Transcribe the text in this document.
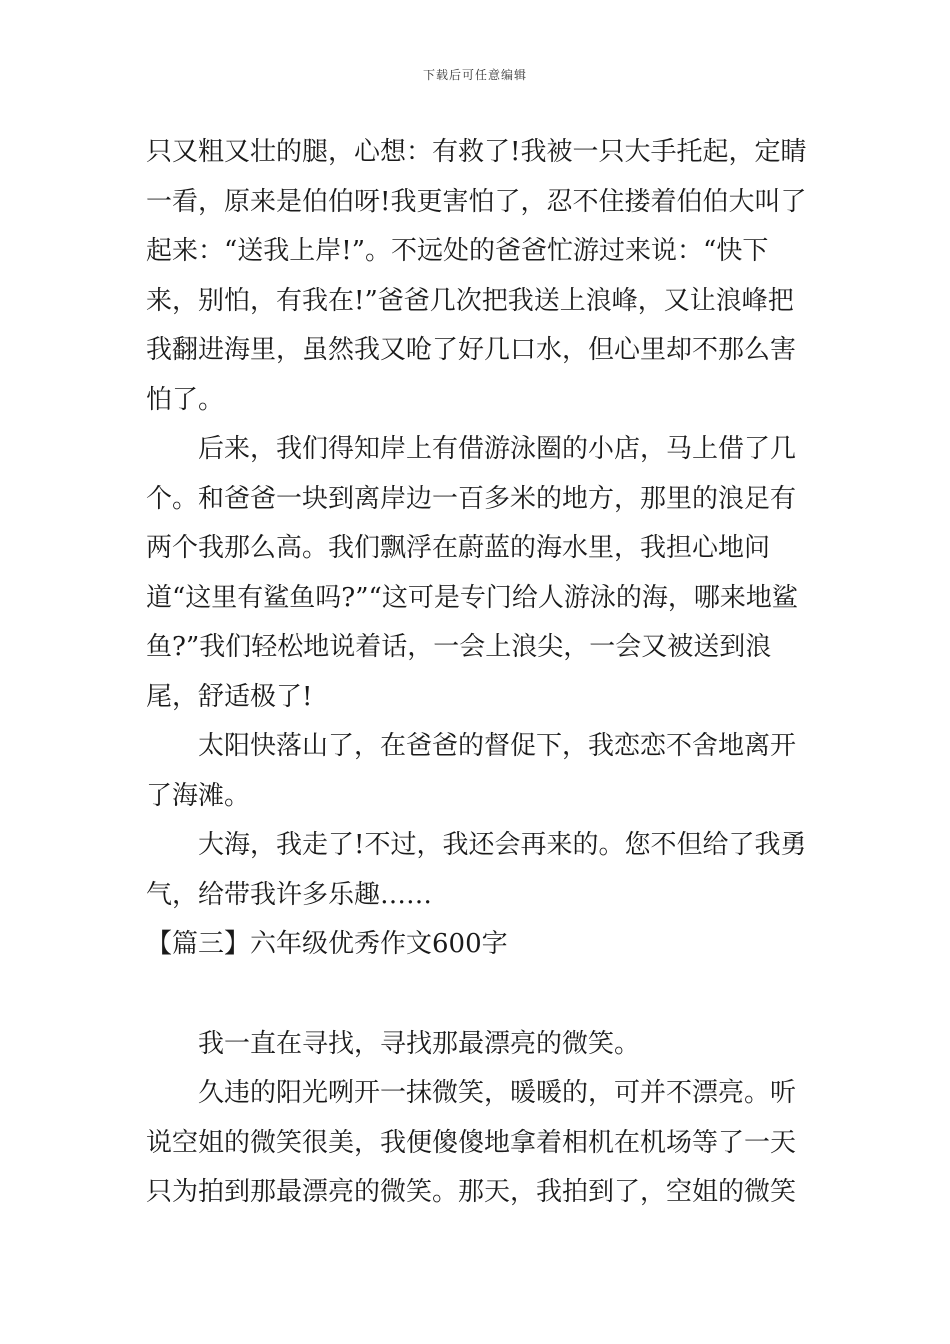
下载后可任意编辑

只又粗又壮的腿，心想：有救了!我被一只大手托起，定睛一看，原来是伯伯呀!我更害怕了，忍不住搂着伯伯大叫了起来：“送我上岸!”。不远处的爸爸忙游过来说：“快下来，别怕，有我在!”爸爸几次把我送上浪峰，又让浪峰把我翻进海里，虽然我又呛了好几口水，但心里却不那么害怕了。

后来，我们得知岸上有借游泳圈的小店，马上借了几个。和爸爸一块到离岸边一百多米的地方，那里的浪足有两个我那么高。我们飘浮在蔚蓝的海水里，我担心地问道“这里有鲨鱼吗?”“这可是专门给人游泳的海，哪来地鲨鱼?”我们轻松地说着话，一会上浪尖，一会又被送到浪尾，舒适极了!

太阳快落山了，在爸爸的督促下，我恋恋不舍地离开了海滩。

大海，我走了!不过，我还会再来的。您不但给了我勇气，给带我许多乐趣……

【篇三】六年级优秀作文600字

我一直在寻找，寻找那最漂亮的微笑。

久违的阳光咧开一抹微笑，暖暖的，可并不漂亮。听说空姐的微笑很美，我便傻傻地拿着相机在机场等了一天只为拍到那最漂亮的微笑。那天，我拍到了，空姐的微笑
